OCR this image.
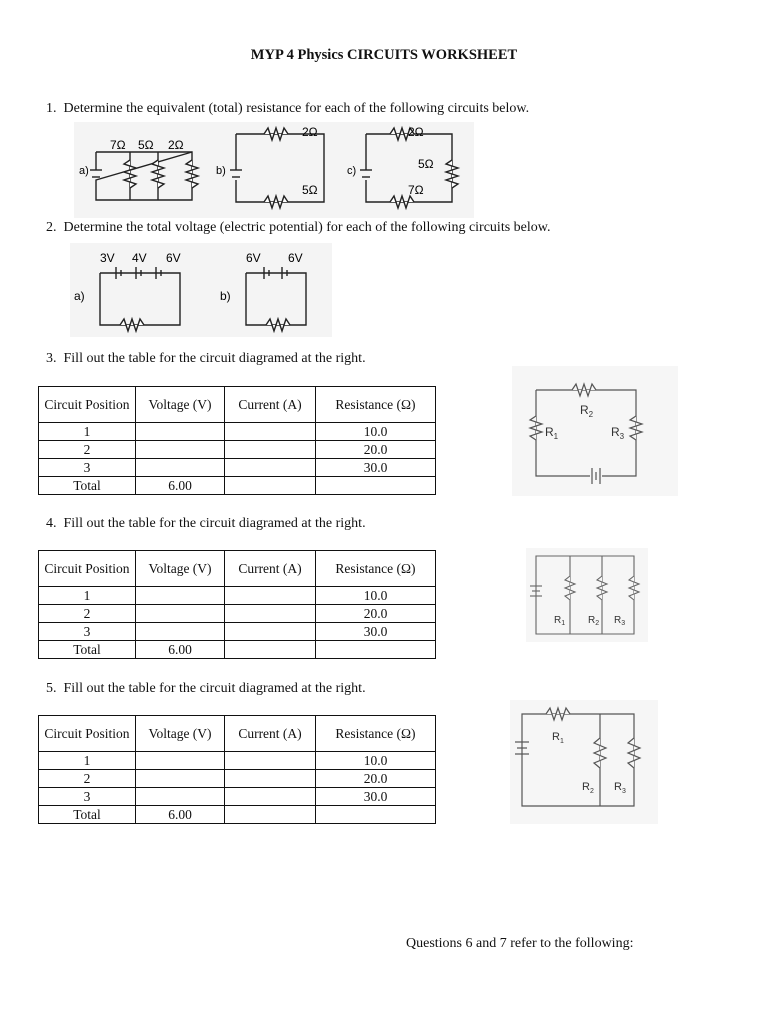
MYP 4 Physics CIRCUITS WORKSHEET
1. Determine the equivalent (total) resistance for each of the following circuits below.
a)
7Ω 5Ω 2Ω
b)
2Ω
5Ω
c)
2Ω
5Ω
7Ω
2. Determine the total voltage (electric potential) for each of the following circuits below.
3V 4V 6V
a)
6V 6V
b)
3. Fill out the table for the circuit diagramed at the right.
Circuit Position	Voltage (V)	Current (A)	Resistance (Ω)
1			10.0
2			20.0
3			30.0
Total	6.00		
$R_1$
$R_2$
$R_3$
4. Fill out the table for the circuit diagramed at the right.
Circuit Position	Voltage (V)	Current (A)	Resistance (Ω)
1			10.0
2			20.0
3			30.0
Total	6.00		
$R_1$ $R_2$ $R_3$
5. Fill out the table for the circuit diagramed at the right.
Circuit Position	Voltage (V)	Current (A)	Resistance (Ω)
1			10.0
2			20.0
3			30.0
Total	6.00		
$R_1$
$R_2$ $R_3$
Questions 6 and 7 refer to the following:
